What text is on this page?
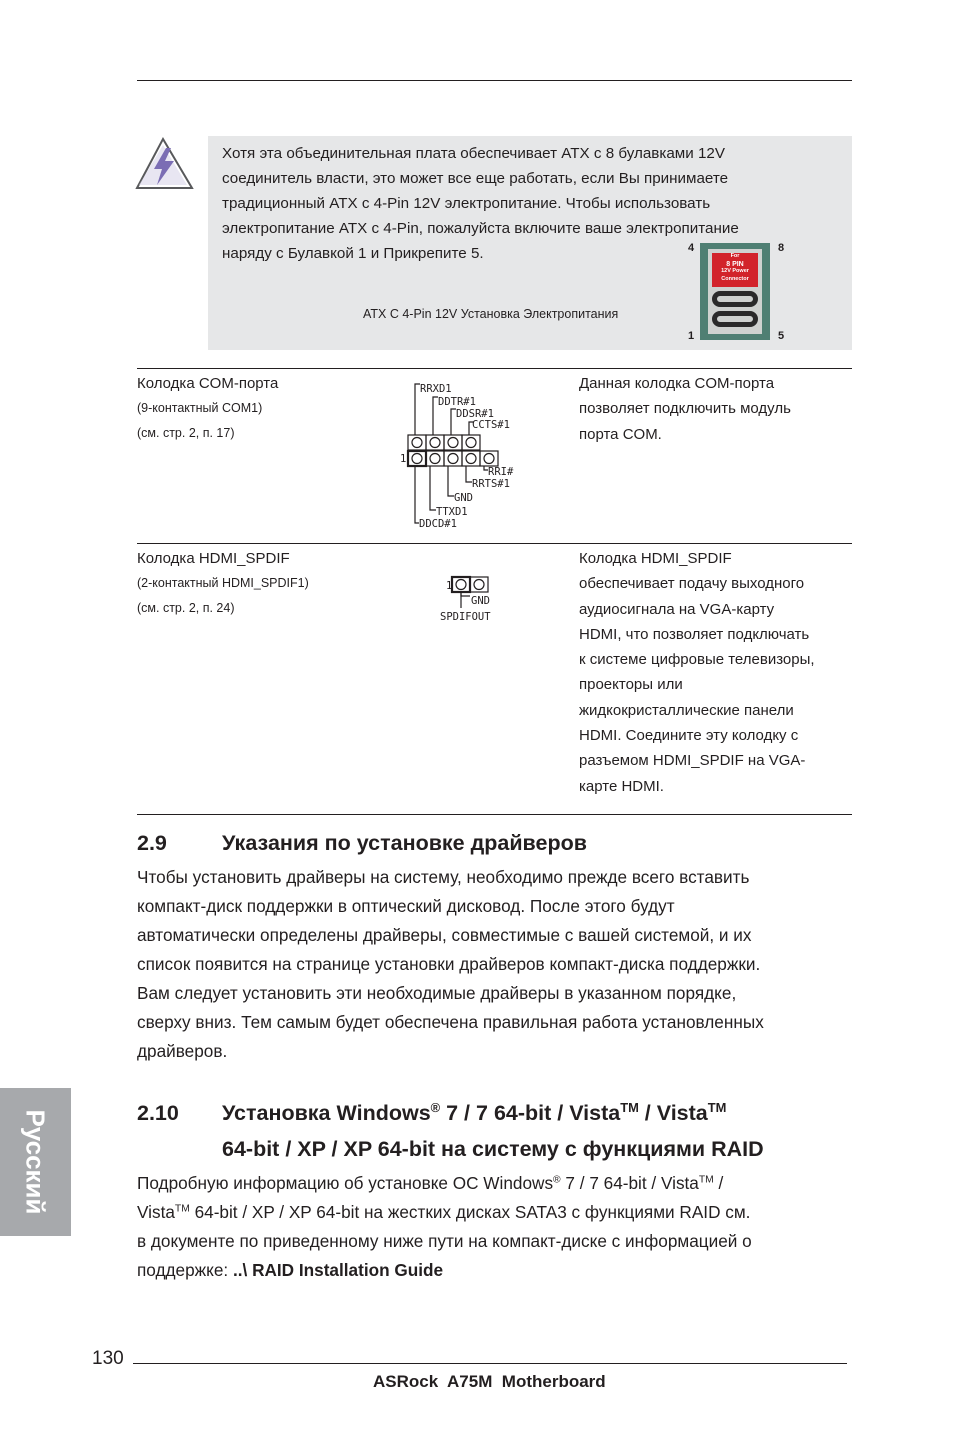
Хотя эта объединительная плата обеспечивает ATX с 8 булавками 12V
соединитель власти, это может все еще работать, если Вы принимаете
традиционный ATX с 4-Pin 12V электропитание. Чтобы использовать
электропитание ATX с 4-Pin, пожалуйста включите ваше электропитание
наряду с Булавкой 1 и Прикрепите 5.
ATX С 4-Pin 12V Установка Электропитания
4	8
1	5
For
8 PIN
12V Power
Connector
Колодка COM-порта
(9-контактный COM1)
(см. стр. 2, п. 17)
RRXD1
DDTR#1
DDSR#1
CCTS#1
1
RRI#
RRTS#1
GND
TTXD1
DDCD#1
Данная колодка COM-порта
позволяет подключить модуль
порта COM.
Колодка HDMI_SPDIF
(2-контактный HDMI_SPDIF1)
(см. стр. 2, п. 24)
1
GND
SPDIFOUT
Колодка HDMI_SPDIF
обеспечивает подачу выходного
аудиосигнала на VGA-карту
HDMI, что позволяет подключать
к системе цифровые телевизоры,
проекторы или
жидкокристаллические панели
HDMI. Соедините эту колодку с
разъемом HDMI_SPDIF на VGA-
карте HDMI.
2.9	Указания по установке драйверов
Чтобы установить драйверы на систему, необходимо прежде всего вставить
компакт-диск поддержки в оптический дисковод. После этого будут
автоматически определены драйверы, совместимые с вашей системой, и их
список появится на странице установки драйверов компакт-диска поддержки.
Вам следует установить эти необходимые драйверы в указанном порядке,
сверху вниз. Тем самым будет обеспечена правильная работа установленных
драйверов.
2.10 Установка Windows® 7 / 7 64-bit / Vista™ / Vista™
64-bit / XP / XP 64-bit на систему с функциями RAID
Подробную информацию об установке ОС Windows® 7 / 7 64-bit / Vista™ /
Vista™ 64-bit / XP / XP 64-bit на жестких дисках SATA3 с функциями RAID см.
в документе по приведенному ниже пути на компакт-диске с информацией о
поддержке: ..\ RAID Installation Guide
Русский
130
ASRock  A75M  Motherboard
